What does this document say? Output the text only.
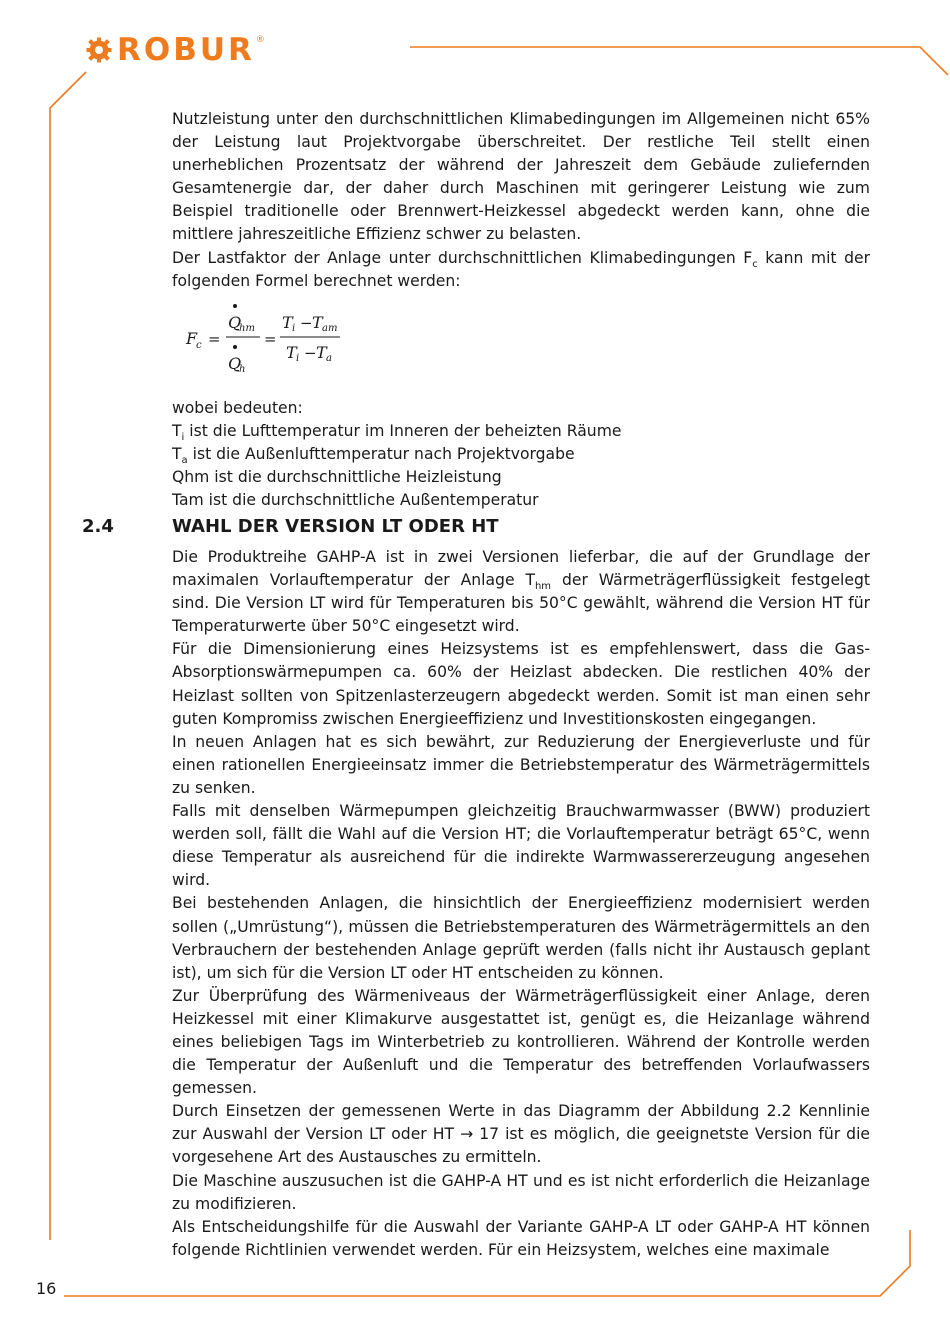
ROBUR ®

Nutzleistung unter den durchschnittlichen Klimabedingungen im Allgemeinen nicht 65% der Leistung laut Projektvorgabe überschreitet. Der restliche Teil stellt einen unerheblichen Prozentsatz der während der Jahreszeit dem Gebäude zuliefernden Gesamtenergie dar, der daher durch Maschinen mit geringerer Leistung wie zum Beispiel traditionelle oder Brennwert-Heizkessel abgedeckt werden kann, ohne die mittlere jahreszeitliche Effizienz schwer zu belasten.

Der Lastfaktor der Anlage unter durchschnittlichen Klimabedingungen $F_c$ kann mit der folgenden Formel berechnet werden:

F
c =
Q
hm
Q
h
=
T i − T am
T i − T a

wobei bedeuten:

$T_i$ ist die Lufttemperatur im Inneren der beheizten Räume

$T_a$ ist die Außenlufttemperatur nach Projektvorgabe

Qhm ist die durchschnittliche Heizleistung

Tam ist die durchschnittliche Außentemperatur

2.4	WAHL DER VERSION LT ODER HT

Die Produktreihe GAHP-A ist in zwei Versionen lieferbar, die auf der Grundlage der maximalen Vorlauftemperatur der Anlage $T_{hm}$ der Wärmeträgerflüssigkeit festgelegt sind. Die Version LT wird für Temperaturen bis 50°C gewählt, während die Version HT für Temperaturwerte über 50°C eingesetzt wird.

Für die Dimensionierung eines Heizsystems ist es empfehlenswert, dass die Gas-Absorptionswärmepumpen ca. 60% der Heizlast abdecken. Die restlichen 40% der Heizlast sollten von Spitzenlasterzeugern abgedeckt werden. Somit ist man einen sehr guten Kompromiss zwischen Energieeffizienz und Investitionskosten eingegangen.

In neuen Anlagen hat es sich bewährt, zur Reduzierung der Energieverluste und für einen rationellen Energieeinsatz immer die Betriebstemperatur des Wärmeträgermittels zu senken.

Falls mit denselben Wärmepumpen gleichzeitig Brauchwarmwasser (BWW) produziert werden soll, fällt die Wahl auf die Version HT; die Vorlauftemperatur beträgt 65°C, wenn diese Temperatur als ausreichend für die indirekte Warmwassererzeugung angesehen wird.

Bei bestehenden Anlagen, die hinsichtlich der Energieeffizienz modernisiert werden sollen („Umrüstung“), müssen die Betriebstemperaturen des Wärmeträgermittels an den Verbrauchern der bestehenden Anlage geprüft werden (falls nicht ihr Austausch geplant ist), um sich für die Version LT oder HT entscheiden zu können.

Zur Überprüfung des Wärmeniveaus der Wärmeträgerflüssigkeit einer Anlage, deren Heizkessel mit einer Klimakurve ausgestattet ist, genügt es, die Heizanlage während eines beliebigen Tags im Winterbetrieb zu kontrollieren. Während der Kontrolle werden die Temperatur der Außenluft und die Temperatur des betreffenden Vorlaufwassers gemessen.

Durch Einsetzen der gemessenen Werte in das Diagramm der Abbildung 2.2 Kennlinie zur Auswahl der Version LT oder HT → 17 ist es möglich, die geeignetste Version für die vorgesehene Art des Austausches zu ermitteln.

Die Maschine auszusuchen ist die GAHP-A HT und es ist nicht erforderlich die Heizanlage zu modifizieren.

Als Entscheidungshilfe für die Auswahl der Variante GAHP-A LT oder GAHP-A HT können folgende Richtlinien verwendet werden. Für ein Heizsystem, welches eine maximale

16
